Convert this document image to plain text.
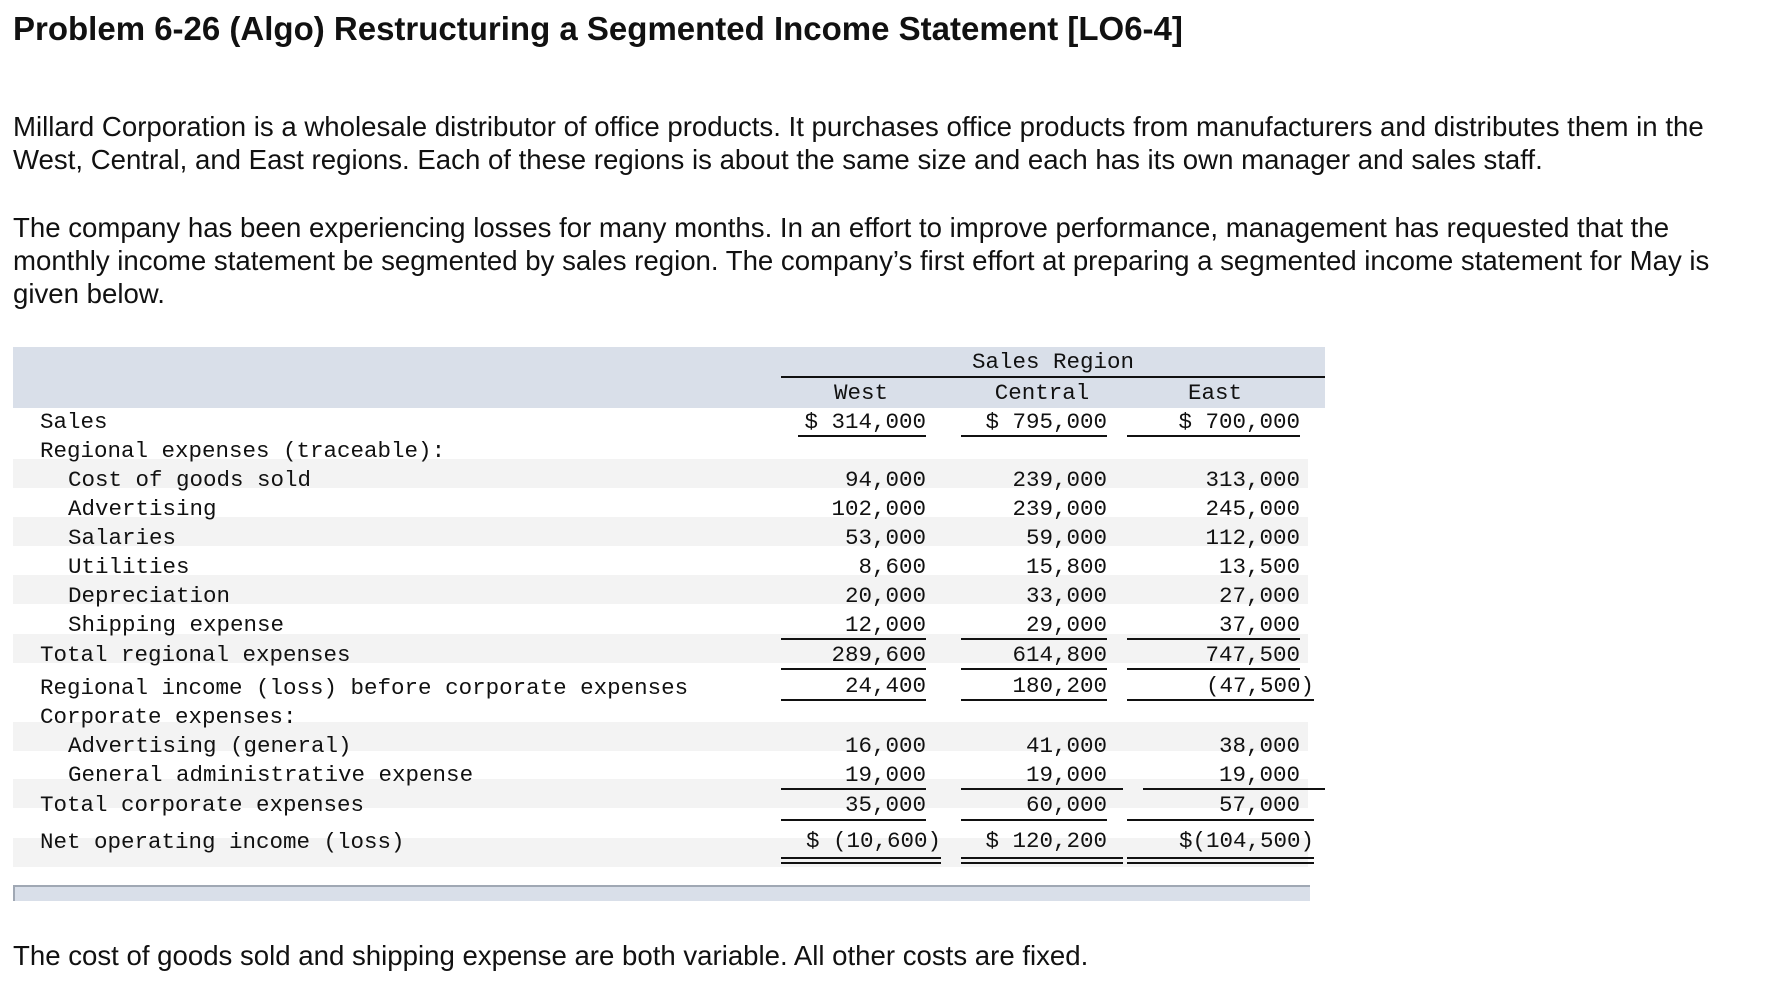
Problem 6-26 (Algo) Restructuring a Segmented Income Statement [LO6-4]

Millard Corporation is a wholesale distributor of office products. It purchases office products from manufacturers and distributes them in the West, Central, and East regions. Each of these regions is about the same size and each has its own manager and sales staff.

The company has been experiencing losses for many months. In an effort to improve performance, management has requested that the monthly income statement be segmented by sales region. The company’s first effort at preparing a segmented income statement for May is given below.

Sales Region
West	Central	East
Sales
Regional expenses (traceable):
Cost of goods sold
Advertising
Salaries
Utilities
Depreciation
Shipping expense
Total regional expenses
Regional income (loss) before corporate expenses
Corporate expenses:
Advertising (general)
General administrative expense
Total corporate expenses
Net operating income (loss)
$ 314,000
94,000
102,000
53,000
8,600
20,000
12,000
289,600
24,400
16,000
19,000
35,000
$ (10,600)
$ 795,000
239,000
239,000
59,000
15,800
33,000
29,000
614,800
180,200
41,000
19,000
60,000
$ 120,200
$ 700,000
313,000
245,000
112,000
13,500
27,000
37,000
747,500
(47,500)
38,000
19,000
57,000
$(104,500)

The cost of goods sold and shipping expense are both variable. All other costs are fixed.
